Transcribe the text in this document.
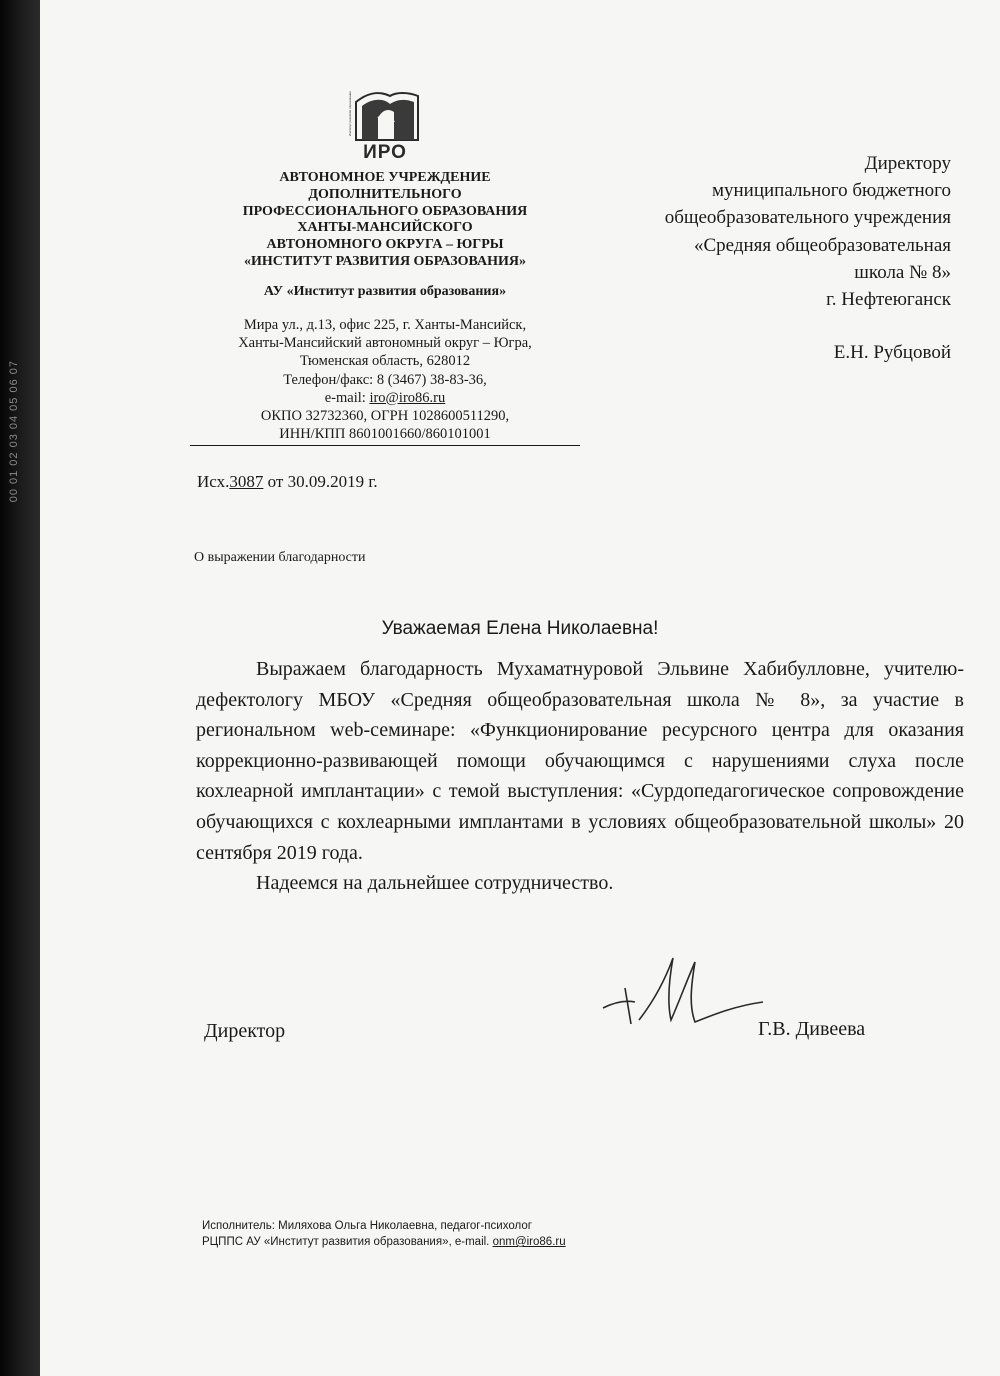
00 01 02 03 04 05 06 07
Институт развития образования
ИРО
АВТОНОМНОЕ УЧРЕЖДЕНИЕ
ДОПОЛНИТЕЛЬНОГО
ПРОФЕССИОНАЛЬНОГО ОБРАЗОВАНИЯ
ХАНТЫ-МАНСИЙСКОГО
АВТОНОМНОГО ОКРУГА – ЮГРЫ
«ИНСТИТУТ РАЗВИТИЯ ОБРАЗОВАНИЯ»
АУ «Институт развития образования»
Мира ул., д.13, офис 225, г. Ханты-Мансийск,
Ханты-Мансийский автономный округ – Югра,
Тюменская область, 628012
Телефон/факс: 8 (3467) 38-83-36,
e-mail: iro@iro86.ru
ОКПО 32732360, ОГРН 1028600511290,
ИНН/КПП 8601001660/860101001
Директору
муниципального бюджетного
общеобразовательного учреждения
«Средняя общеобразовательная
школа № 8»
г. Нефтеюганск
Е.Н. Рубцовой
Исх.3087 от 30.09.2019 г.
О выражении благодарности
Уважаемая Елена Николаевна!

Выражаем благодарность Мухаматнуровой Эльвине Хабибулловне, учителю-дефектологу МБОУ «Средняя общеобразовательная школа № 8», за участие в региональном web-семинаре: «Функционирование ресурсного центра для оказания коррекционно-развивающей помощи обучающимся с нарушениями слуха после кохлеарной имплантации» с темой выступления: «Сурдопедагогическое сопровождение обучающихся с кохлеарными имплантами в условиях общеобразовательной школы» 20 сентября 2019 года.

Надеемся на дальнейшее сотрудничество.

Директор	Г.В. Дивеева
Исполнитель: Миляхова Ольга Николаевна, педагог-психолог
РЦППС АУ «Институт развития образования», e-mail. onm@iro86.ru
